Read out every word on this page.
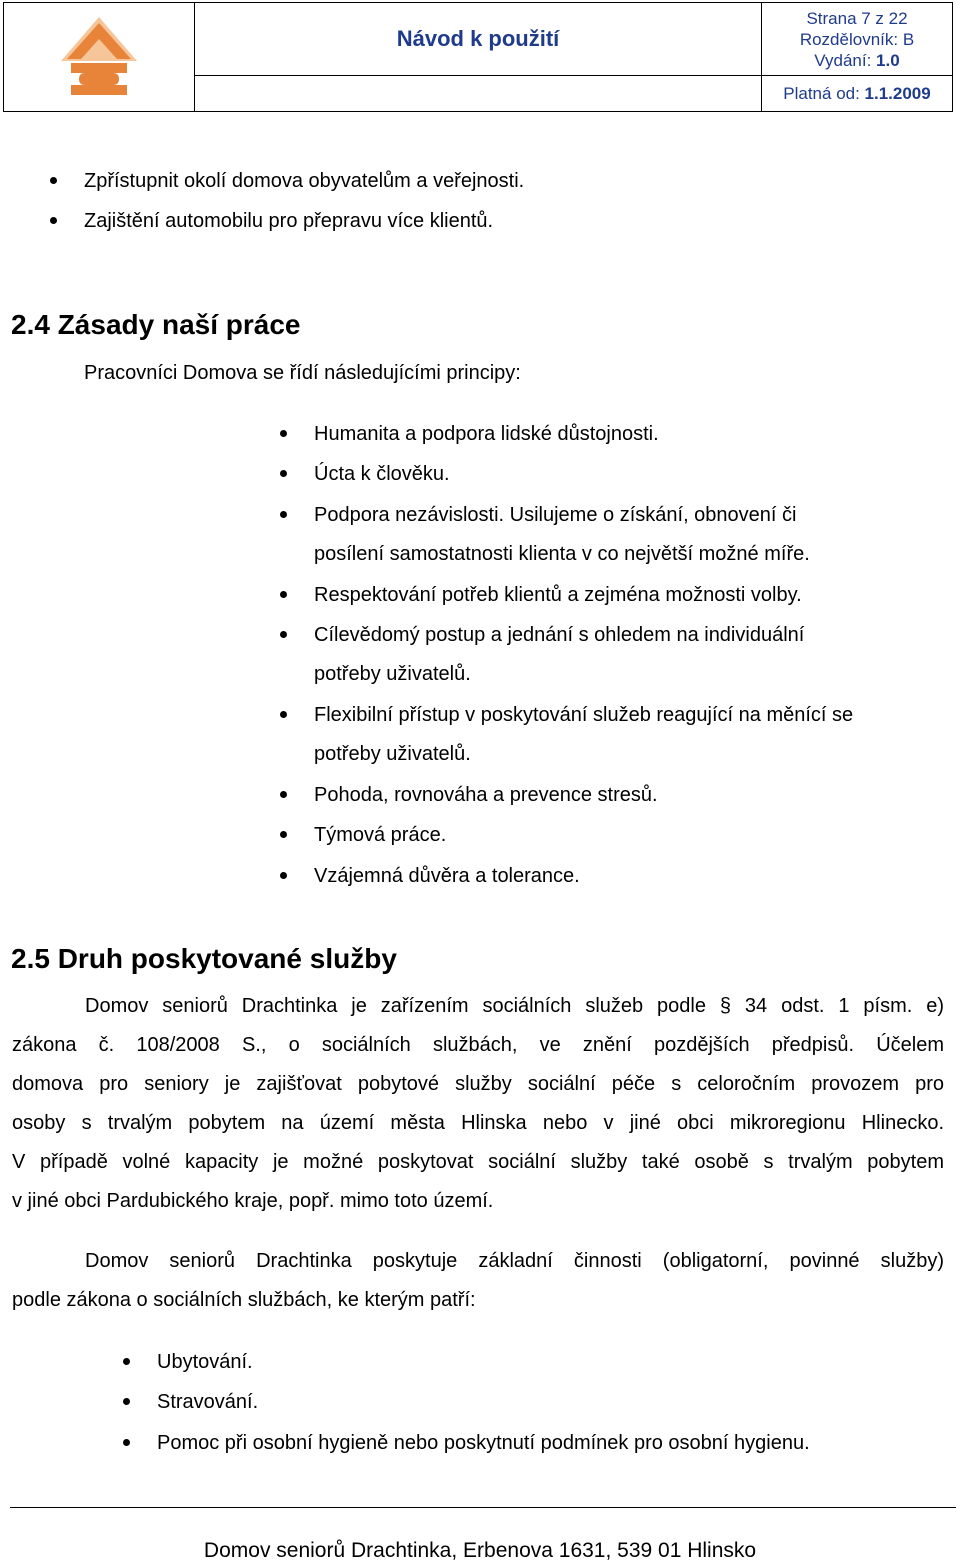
	Návod k použití	Strana 7 z 22
Rozdělovník: B
Vydání: 1.0

		Platná od: 1.1.2009
Zpřístupnit okolí domova obyvatelům a veřejnosti.
Zajištění automobilu pro přepravu více klientů.
2.4 Zásady naší práce
Pracovníci Domova se řídí následujícími principy:
Humanita a podpora lidské důstojnosti.
Úcta k člověku.
Podpora nezávislosti. Usilujeme o získání, obnovení či
posílení samostatnosti klienta v co největší možné míře.
Respektování potřeb klientů a zejména možnosti volby.
Cílevědomý postup a jednání s ohledem na individuální
potřeby uživatelů.
Flexibilní přístup v poskytování služeb reagující na měnící se
potřeby uživatelů.
Pohoda, rovnováha a prevence stresů.
Týmová práce.
Vzájemná důvěra a tolerance.
2.5 Druh poskytované služby
Domov seniorů Drachtinka je zařízením sociálních služeb podle § 34 odst. 1 písm. e)
zákona č. 108/2008 S., o sociálních službách, ve znění pozdějších předpisů. Účelem
domova pro seniory je zajišťovat pobytové služby sociální péče s celoročním provozem pro
osoby s trvalým pobytem na území města Hlinska nebo v jiné obci mikroregionu Hlinecko.
V případě volné kapacity je možné poskytovat sociální služby také osobě s trvalým pobytem
v jiné obci Pardubického kraje, popř. mimo toto území.
Domov seniorů Drachtinka poskytuje základní činnosti (obligatorní, povinné služby)
podle zákona o sociálních službách, ke kterým patří:
Ubytování.
Stravování.
Pomoc při osobní hygieně nebo poskytnutí podmínek pro osobní hygienu.
Domov seniorů Drachtinka, Erbenova 1631, 539 01 Hlinsko
